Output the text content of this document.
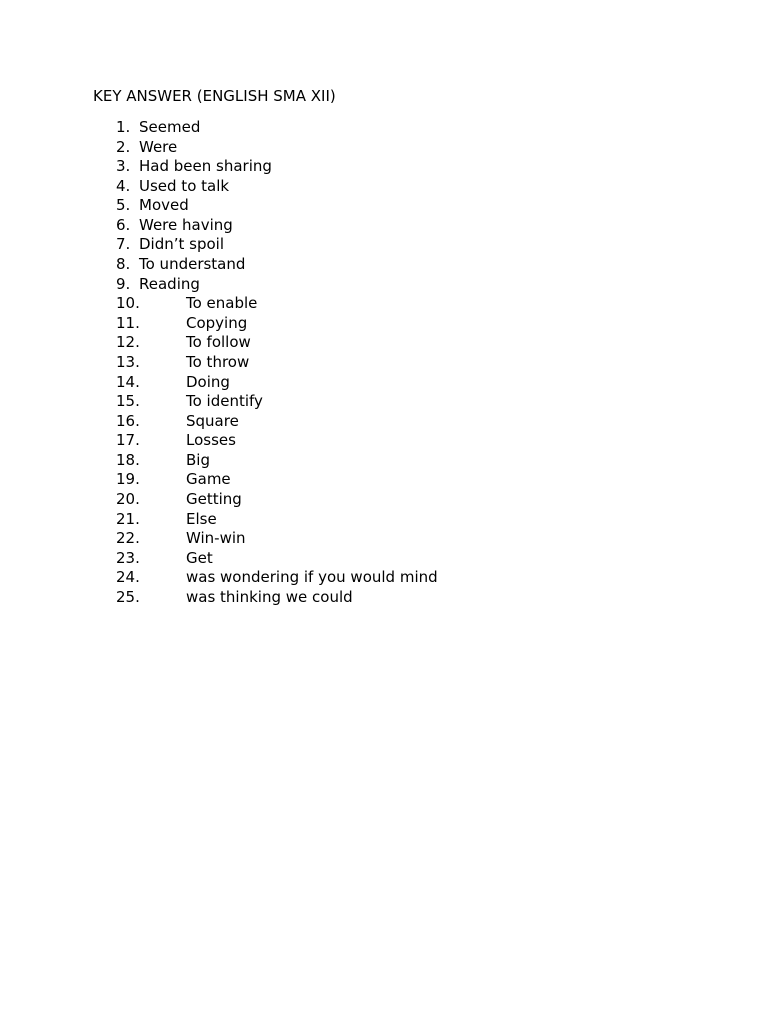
KEY ANSWER (ENGLISH SMA XII)
1. Seemed
2. Were
3. Had been sharing
4. Used to talk
5. Moved
6. Were having
7. Didn’t spoil
8. To understand
9. Reading
10.	To enable
11.	Copying
12.	To follow
13.	To throw
14.	Doing
15.	To identify
16.	Square
17.	Losses
18.	Big
19.	Game
20.	Getting
21.	Else
22.	Win-win
23.	Get
24.	was wondering if you would mind
25.	was thinking we could
